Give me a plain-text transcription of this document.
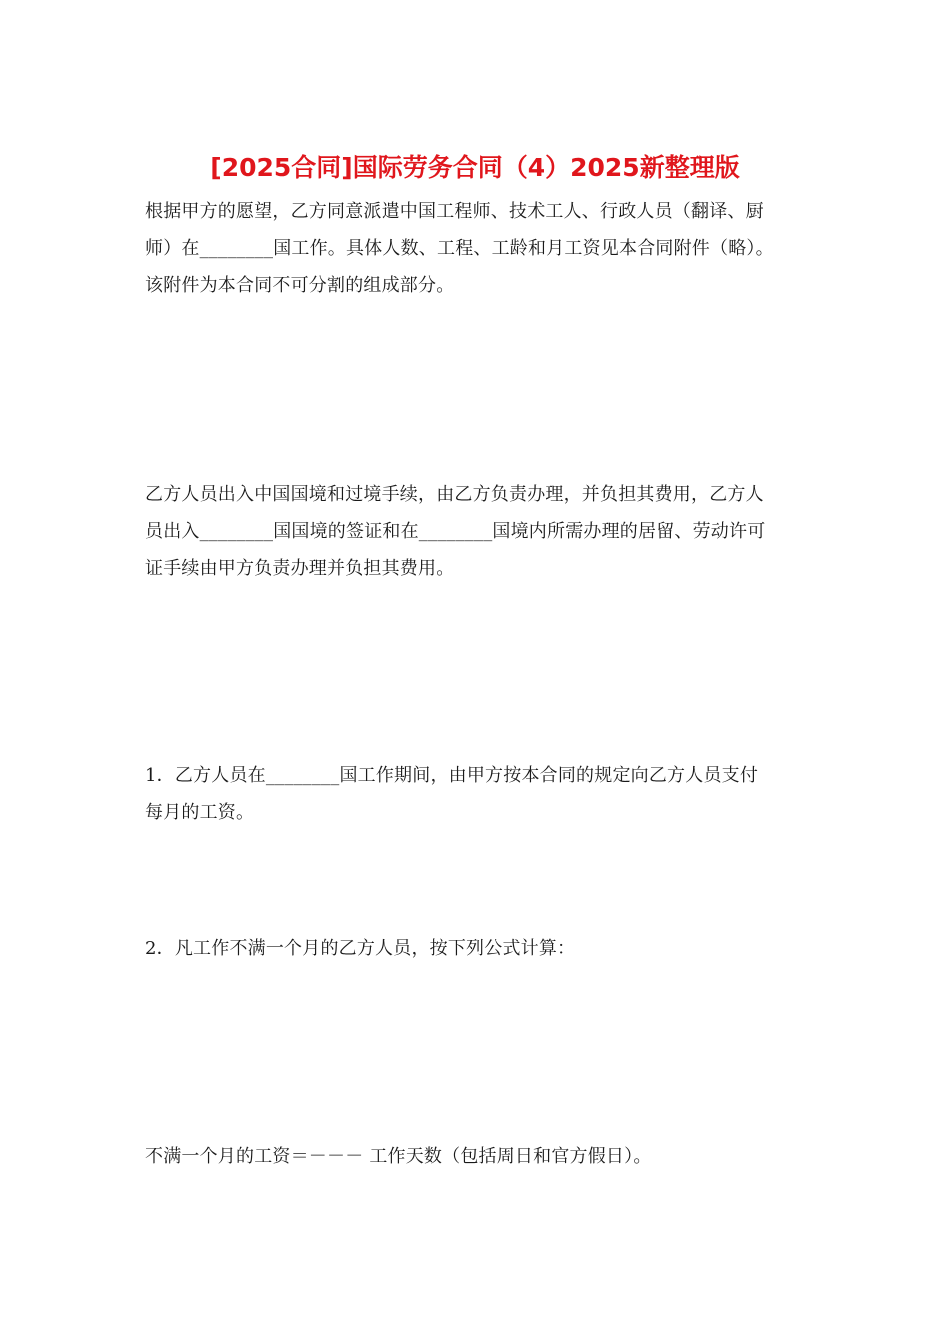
[2025合同]国际劳务合同（4）2025新整理版

根据甲方的愿望，乙方同意派遣中国工程师、技术工人、行政人员（翻译、厨
师）在________国工作。具体人数、工程、工龄和月工资见本合同附件（略）。
该附件为本合同不可分割的组成部分。

乙方人员出入中国国境和过境手续，由乙方负责办理，并负担其费用，乙方人
员出入________国国境的签证和在________国境内所需办理的居留、劳动许可
证手续由甲方负责办理并负担其费用。

1．乙方人员在________国工作期间，由甲方按本合同的规定向乙方人员支付
每月的工资。

2．凡工作不满一个月的乙方人员，按下列公式计算：

不满一个月的工资＝－－－ 工作天数（包括周日和官方假日）。
